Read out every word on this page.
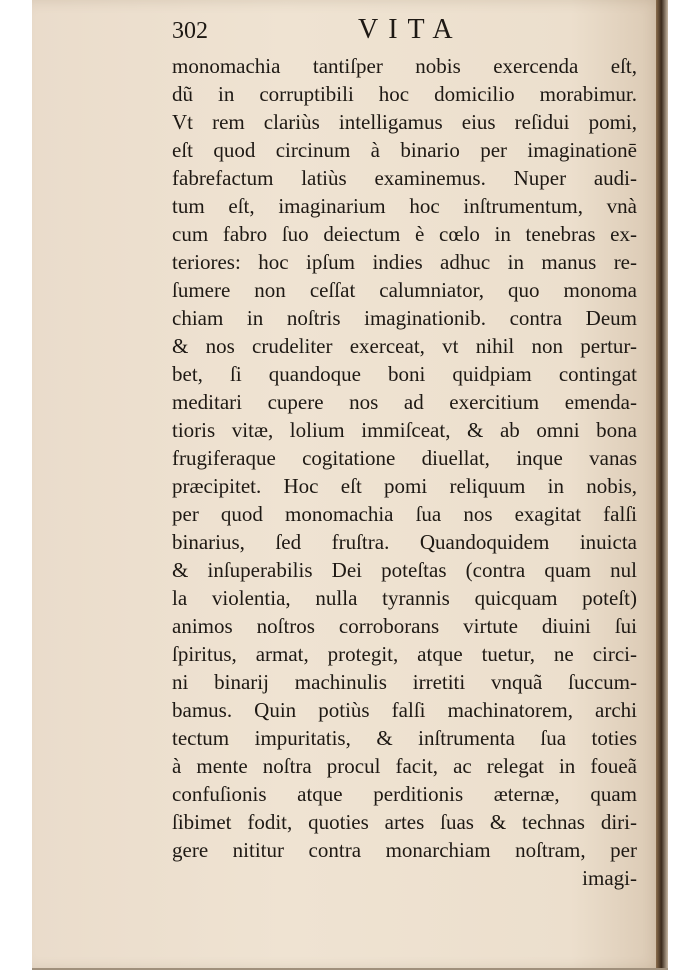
302	VITA
monomachia tantiſper nobis exercenda eſt,
dũ in corruptibili hoc domicilio morabimur.
Vt rem clariùs intelligamus eius reſidui pomi,
eſt quod circinum à binario per imaginationē
fabrefactum latiùs examinemus. Nuper audi-
tum eſt, imaginarium hoc inſtrumentum, vnà
cum fabro ſuo deiectum è cœlo in tenebras ex-
teriores: hoc ipſum indies adhuc in manus re-
ſumere non ceſſat calumniator, quo monoma
chiam in noſtris imaginationib. contra Deum
& nos crudeliter exerceat, vt nihil non pertur-
bet, ſi quandoque boni quidpiam contingat
meditari cupere nos ad exercitium emenda-
tioris vitæ, lolium immiſceat, & ab omni bona
frugiferaque cogitatione diuellat, inque vanas
præcipitet. Hoc eſt pomi reliquum in nobis,
per quod monomachia ſua nos exagitat falſi
binarius, ſed fruſtra. Quandoquidem inuicta
& inſuperabilis Dei poteſtas (contra quam nul
la violentia, nulla tyrannis quicquam poteſt)
animos noſtros corroborans virtute diuini ſui
ſpiritus, armat, protegit, atque tuetur, ne circi-
ni binarij machinulis irretiti vnquã ſuccum-
bamus. Quin potiùs falſi machinatorem, archi
tectum impuritatis, & inſtrumenta ſua toties
à mente noſtra procul facit, ac relegat in foueã
confuſionis atque perditionis æternæ, quam
ſibimet fodit, quoties artes ſuas & technas diri-
gere nititur contra monarchiam noſtram, per
imagi-
